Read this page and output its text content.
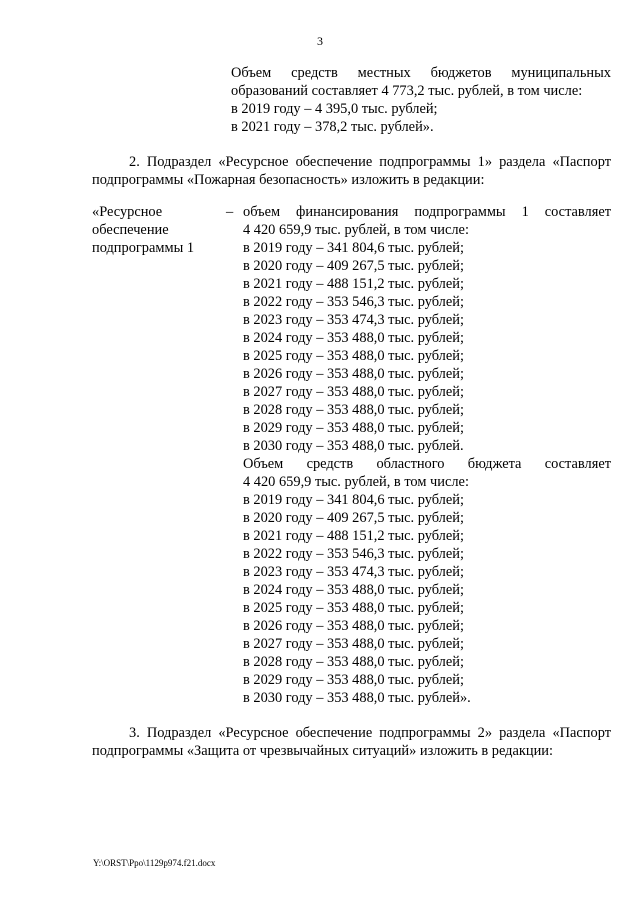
3
Объем средств местных бюджетов муниципальных
образований составляет 4 773,2 тыс. рублей, в том числе:
в 2019 году – 4 395,0 тыс. рублей;
в 2021 году – 378,2 тыс. рублей».
2. Подраздел «Ресурсное обеспечение подпрограммы 1» раздела «Паспорт
подпрограммы «Пожарная безопасность» изложить в редакции:
«Ресурсное
обеспечение
подпрограммы 1
– объем финансирования подпрограммы 1 составляет
4 420 659,9 тыс. рублей, в том числе:
в 2019 году – 341 804,6 тыс. рублей;
в 2020 году – 409 267,5 тыс. рублей;
в 2021 году – 488 151,2 тыс. рублей;
в 2022 году – 353 546,3 тыс. рублей;
в 2023 году – 353 474,3 тыс. рублей;
в 2024 году – 353 488,0 тыс. рублей;
в 2025 году – 353 488,0 тыс. рублей;
в 2026 году – 353 488,0 тыс. рублей;
в 2027 году – 353 488,0 тыс. рублей;
в 2028 году – 353 488,0 тыс. рублей;
в 2029 году – 353 488,0 тыс. рублей;
в 2030 году – 353 488,0 тыс. рублей.
Объем средств областного бюджета составляет
4 420 659,9 тыс. рублей, в том числе:
в 2019 году – 341 804,6 тыс. рублей;
в 2020 году – 409 267,5 тыс. рублей;
в 2021 году – 488 151,2 тыс. рублей;
в 2022 году – 353 546,3 тыс. рублей;
в 2023 году – 353 474,3 тыс. рублей;
в 2024 году – 353 488,0 тыс. рублей;
в 2025 году – 353 488,0 тыс. рублей;
в 2026 году – 353 488,0 тыс. рублей;
в 2027 году – 353 488,0 тыс. рублей;
в 2028 году – 353 488,0 тыс. рублей;
в 2029 году – 353 488,0 тыс. рублей;
в 2030 году – 353 488,0 тыс. рублей».
3. Подраздел «Ресурсное обеспечение подпрограммы 2» раздела «Паспорт
подпрограммы «Защита от чрезвычайных ситуаций» изложить в редакции:
Y:\ORST\Ppo\1129p974.f21.docx
